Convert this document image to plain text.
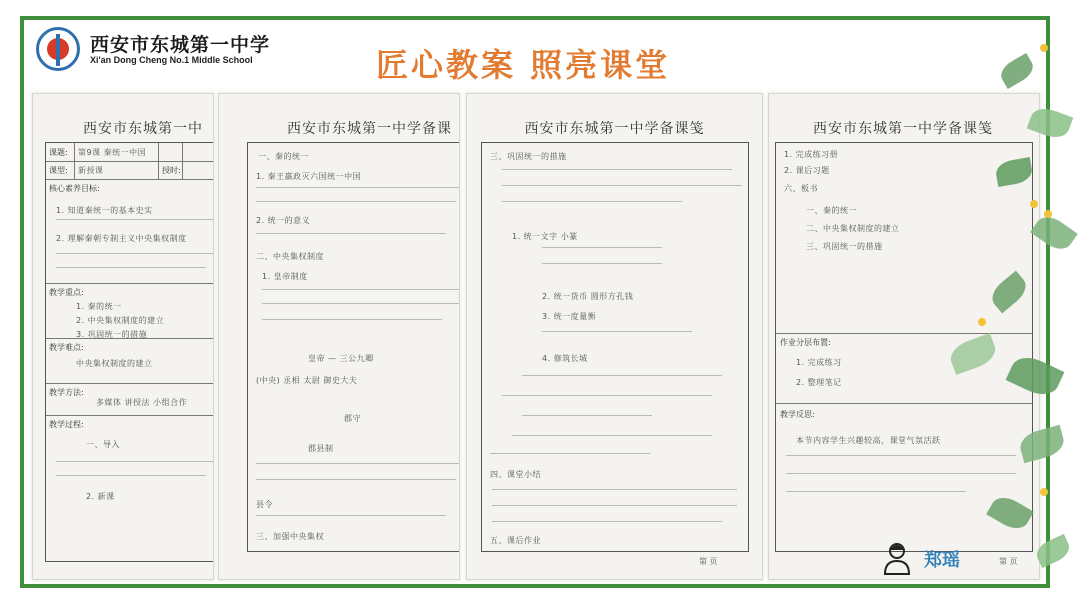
西安市东城第一中学
Xi'an Dong Cheng No.1 Middle School	匠心教案 照亮课堂
西安市东城第一中
课题:
课型:	授时:
核心素养目标:
教学重点:
教学难点:
教学方法:
教学过程:
第9课 秦统一中国
新授课
1. 知道秦统一的基本史实
2. 理解秦朝专制主义中央集权制度
1. 秦的统一
2. 中央集权制度的建立
3. 巩固统一的措施
中央集权制度的建立
多媒体 讲授法 小组合作
一、导入
2. 新课
西安市东城第一中学备课
一、秦的统一
1. 秦王嬴政灭六国统一中国
2. 统一的意义
二、中央集权制度
1. 皇帝制度
皇帝 — 三公九卿
(中央) 丞相 太尉 御史大夫
郡县制
郡守
县令
三、加强中央集权
西安市东城第一中学备课笺
三、巩固统一的措施
1. 统一文字 小篆
2. 统一货币 圆形方孔钱
3. 统一度量衡
4. 修筑长城
四、课堂小结
五、课后作业
第 页
西安市东城第一中学备课笺
1. 完成练习册
2. 课后习题
六、板书
一、秦的统一
二、中央集权制度的建立
三、巩固统一的措施
作业分层布置:
1. 完成练习
2. 整理笔记
教学反思:
本节内容学生兴趣较高，课堂气氛活跃
第 页
郑瑶
